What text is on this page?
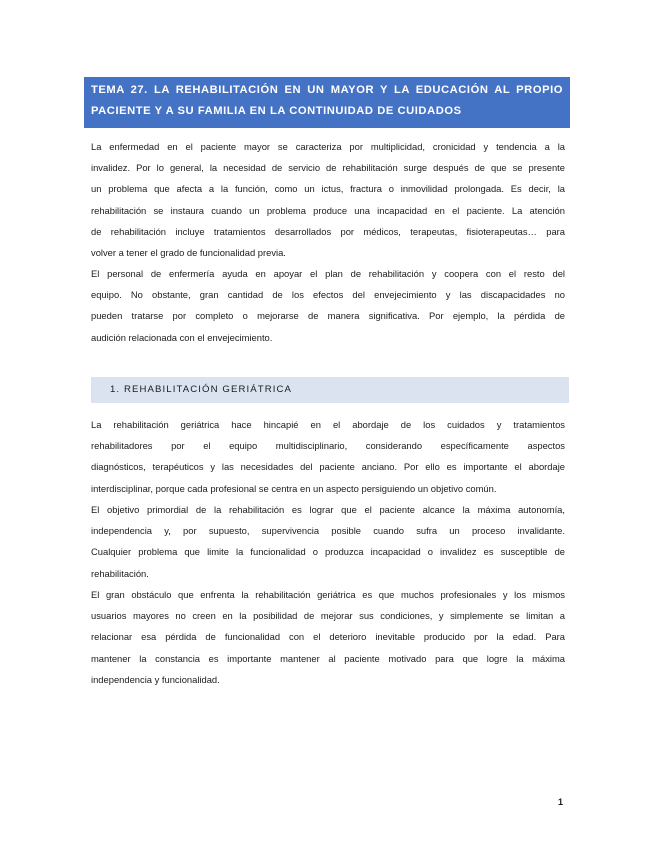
TEMA 27. LA REHABILITACIÓN EN UN MAYOR Y LA EDUCACIÓN AL PROPIO
PACIENTE Y A SU FAMILIA EN LA CONTINUIDAD DE CUIDADOS
La enfermedad en el paciente mayor se caracteriza por multiplicidad, cronicidad y tendencia a la
invalidez. Por lo general, la necesidad de servicio de rehabilitación surge después de que se presente
un problema que afecta a la función, como un ictus, fractura o inmovilidad prolongada. Es decir, la
rehabilitación se instaura cuando un problema produce una incapacidad en el paciente. La atención
de rehabilitación incluye tratamientos desarrollados por médicos, terapeutas, fisioterapeutas… para
volver a tener el grado de funcionalidad previa.
El personal de enfermería ayuda en apoyar el plan de rehabilitación y coopera con el resto del
equipo. No obstante, gran cantidad de los efectos del envejecimiento y las discapacidades no
pueden tratarse por completo o mejorarse de manera significativa. Por ejemplo, la pérdida de
audición relacionada con el envejecimiento.
1. REHABILITACIÓN GERIÁTRICA
La rehabilitación geriátrica hace hincapié en el abordaje de los cuidados y tratamientos
rehabilitadores por el equipo multidisciplinario, considerando específicamente aspectos
diagnósticos, terapéuticos y las necesidades del paciente anciano. Por ello es importante el abordaje
interdisciplinar, porque cada profesional se centra en un aspecto persiguiendo un objetivo común.
El objetivo primordial de la rehabilitación es lograr que el paciente alcance la máxima autonomía,
independencia y, por supuesto, supervivencia posible cuando sufra un proceso invalidante.
Cualquier problema que limite la funcionalidad o produzca incapacidad o invalidez es susceptible de
rehabilitación.
El gran obstáculo que enfrenta la rehabilitación geriátrica es que muchos profesionales y los mismos
usuarios mayores no creen en la posibilidad de mejorar sus condiciones, y simplemente se limitan a
relacionar esa pérdida de funcionalidad con el deterioro inevitable producido por la edad. Para
mantener la constancia es importante mantener al paciente motivado para que logre la máxima
independencia y funcionalidad.
1
